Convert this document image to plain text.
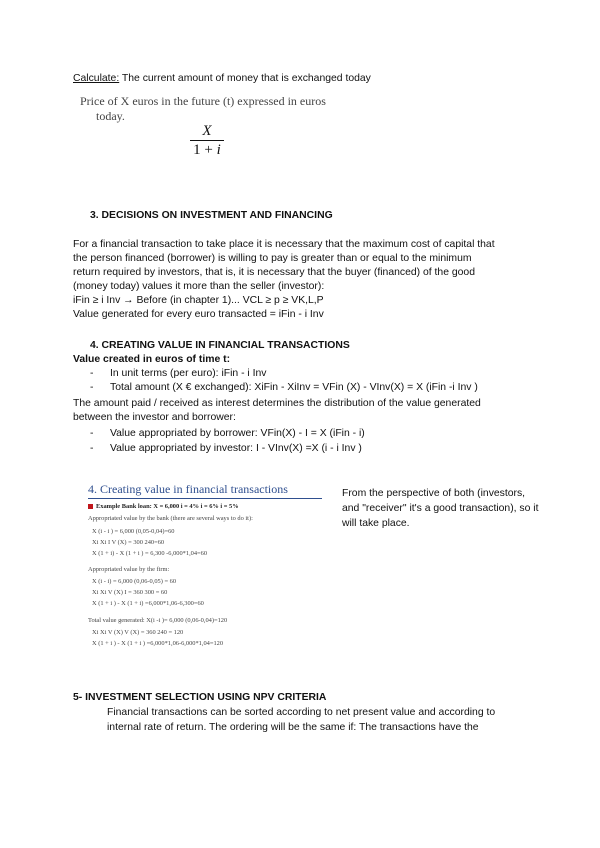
Calculate: The current amount of money that is exchanged today
Price of X euros in the future (t) expressed in euros
today.
X
1 + i
3. DECISIONS ON INVESTMENT AND FINANCING
For a financial transaction to take place it is necessary that the maximum cost of capital that
the person financed (borrower) is willing to pay is greater than or equal to the minimum
return required by investors, that is, it is necessary that the buyer (financed) of the good
(money today) values it more than the seller (investor):
iFin ≥ i Inv → Before (in chapter 1)... VCL ≥ p ≥ VK,L,P
Value generated for every euro transacted = iFin - i Inv
4. CREATING VALUE IN FINANCIAL TRANSACTIONS
Value created in euros of time t:
- In unit terms (per euro): iFin - i Inv
- Total amount (X € exchanged): XiFin - XiInv = VFin (X) - VInv(X) = X (iFin -i Inv )
The amount paid / received as interest determines the distribution of the value generated
between the investor and borrower:
- Value appropriated by borrower: VFin(X) - I = X (iFin - i)
- Value appropriated by investor: I - VInv(X) =X (i - i Inv )
4. Creating value in financial transactions
Example Bank loan: X = 6,000 i = 4% i = 6% i = 5%
Appropriated value by the bank (there are several ways to do it):
X (i - i ) = 6,000 (0,05-0,04)=60
Xi Xi I V (X) = 300 240=60
X (1 + i) - X (1 + i ) = 6,300 -6,000*1,04=60
Appropriated value by the firm:
X (i - i) = 6,000 (0,06-0,05) = 60
Xi Xi V (X) I = 360 300 = 60
X (1 + i ) - X (1 + i) =6,000*1,06-6,300=60
Total value generated: X(i -i )= 6,000 (0,06-0,04)=120
Xi Xi V (X) V (X) = 360 240 = 120
X (1 + i ) - X (1 + i ) =6,000*1,06-6,000*1,04=120
From the perspective of both (investors, and "receiver" it's a good transaction), so it will take place.
5- INVESTMENT SELECTION USING NPV CRITERIA
Financial transactions can be sorted according to net present value and according to
internal rate of return. The ordering will be the same if: The transactions have the
